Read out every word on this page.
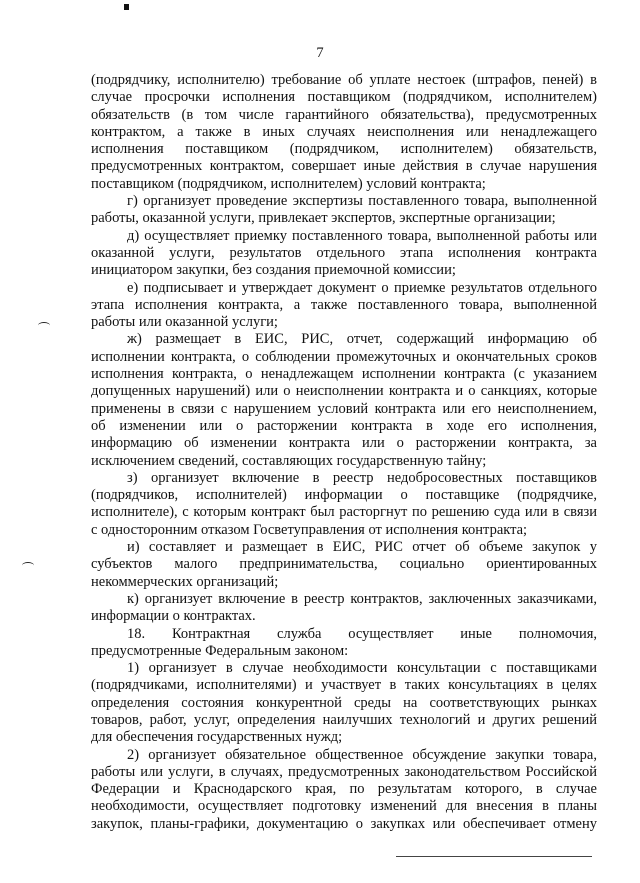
7
(подрядчику, исполнителю) требование об уплате нестоек (штрафов, пеней) в
случае просрочки исполнения поставщиком (подрядчиком, исполнителем)
обязательств (в том числе гарантийного обязательства), предусмотренных
контрактом, а также в иных случаях неисполнения или ненадлежащего
исполнения поставщиком (подрядчиком, исполнителем) обязательств,
предусмотренных контрактом, совершает иные действия в случае нарушения
поставщиком (подрядчиком, исполнителем) условий контракта;
г) организует проведение экспертизы поставленного товара, выполненной
работы, оказанной услуги, привлекает экспертов, экспертные организации;
д) осуществляет приемку поставленного товара, выполненной работы или
оказанной услуги, результатов отдельного этапа исполнения контракта
инициатором закупки, без создания приемочной комиссии;
е) подписывает и утверждает документ о приемке результатов отдельного
этапа исполнения контракта, а также поставленного товара, выполненной
работы или оказанной услуги;
ж) размещает в ЕИС, РИС, отчет, содержащий информацию об
исполнении контракта, о соблюдении промежуточных и окончательных сроков
исполнения контракта, о ненадлежащем исполнении контракта (с указанием
допущенных нарушений) или о неисполнении контракта и о санкциях, которые
применены в связи с нарушением условий контракта или его неисполнением,
об изменении или о расторжении контракта в ходе его исполнения,
информацию об изменении контракта или о расторжении контракта, за
исключением сведений, составляющих государственную тайну;
з) организует включение в реестр недобросовестных поставщиков
(подрядчиков, исполнителей) информации о поставщике (подрядчике,
исполнителе), с которым контракт был расторгнут по решению суда или в связи
с односторонним отказом Госветуправления от исполнения контракта;
и) составляет и размещает в ЕИС, РИС отчет об объеме закупок у
субъектов малого предпринимательства, социально ориентированных
некоммерческих организаций;
к) организует включение в реестр контрактов, заключенных заказчиками,
информации о контрактах.
18. Контрактная служба осуществляет иные полномочия,
предусмотренные Федеральным законом:
1) организует в случае необходимости консультации с поставщиками
(подрядчиками, исполнителями) и участвует в таких консультациях в целях
определения состояния конкурентной среды на соответствующих рынках
товаров, работ, услуг, определения наилучших технологий и других решений
для обеспечения государственных нужд;
2) организует обязательное общественное обсуждение закупки товара,
работы или услуги, в случаях, предусмотренных законодательством Российской
Федерации и Краснодарского края, по результатам которого, в случае
необходимости, осуществляет подготовку изменений для внесения в планы
закупок, планы-графики, документацию о закупках или обеспечивает отмену
